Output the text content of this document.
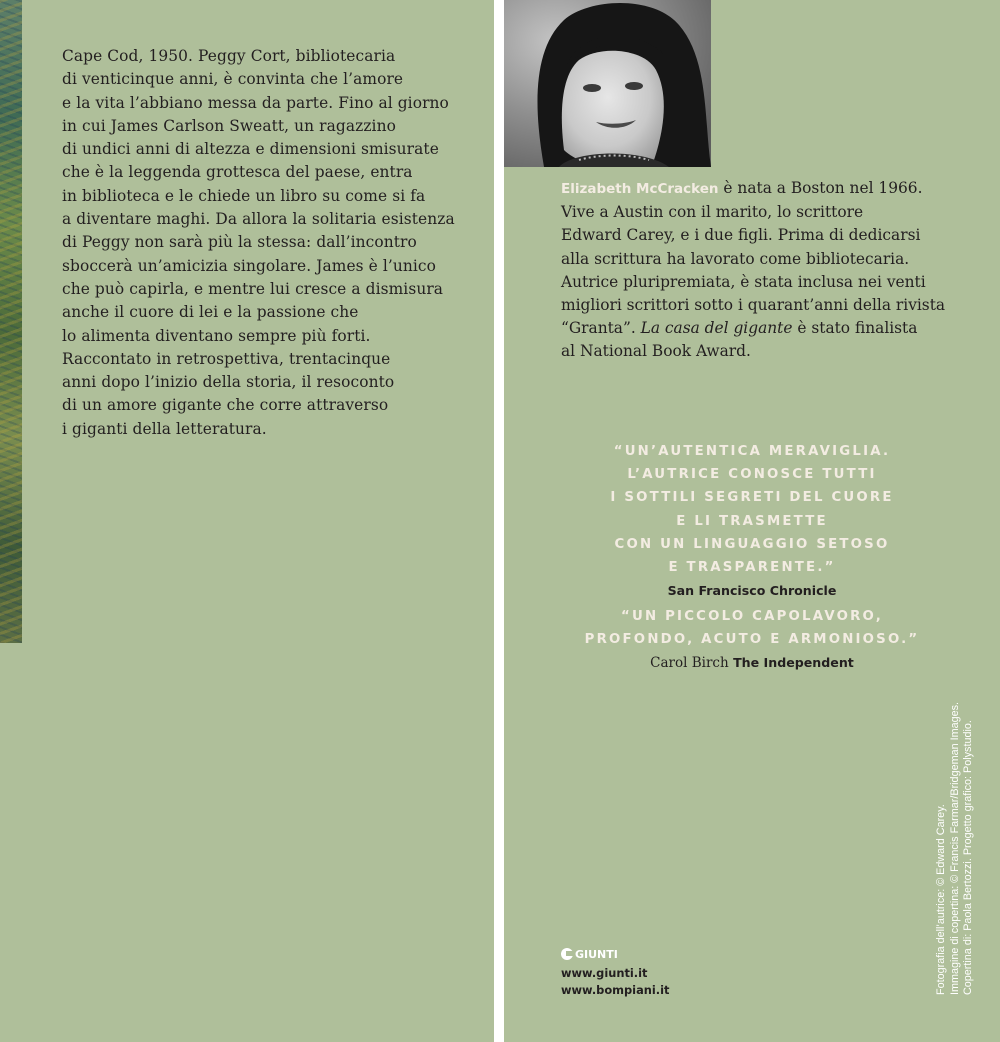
Cape Cod, 1950. Peggy Cort, bibliotecaria
di venticinque anni, è convinta che l’amore
e la vita l’abbiano messa da parte. Fino al giorno
in cui James Carlson Sweatt, un ragazzino
di undici anni di altezza e dimensioni smisurate
che è la leggenda grottesca del paese, entra
in biblioteca e le chiede un libro su come si fa
a diventare maghi. Da allora la solitaria esistenza
di Peggy non sarà più la stessa: dall’incontro
sboccerà un’amicizia singolare. James è l’unico
che può capirla, e mentre lui cresce a dismisura
anche il cuore di lei e la passione che
lo alimenta diventano sempre più forti.
Raccontato in retrospettiva, trentacinque
anni dopo l’inizio della storia, il resoconto
di un amore gigante che corre attraverso
i giganti della letteratura.

Elizabeth McCracken è nata a Boston nel 1966.
Vive a Austin con il marito, lo scrittore
Edward Carey, e i due figli. Prima di dedicarsi
alla scrittura ha lavorato come bibliotecaria.
Autrice pluripremiata, è stata inclusa nei venti
migliori scrittori sotto i quarant’anni della rivista
“Granta”. La casa del gigante è stato finalista
al National Book Award.
“UN’AUTENTICA MERAVIGLIA.
L’AUTRICE CONOSCE TUTTI
I SOTTILI SEGRETI DEL CUORE
E LI TRASMETTE
CON UN LINGUAGGIO SETOSO
E TRASPARENTE.”
San Francisco Chronicle
“UN PICCOLO CAPOLAVORO,
PROFONDO, ACUTO E ARMONIOSO.”
Carol Birch The Independent
GIUNTI
www.giunti.it
www.bompiani.it	Fotografia dell’autrice: © Edward Carey. Immagine di copertina: © Francis Farmar/Bridgeman Images. Copertina di: Paola Bertozzi. Progetto grafico: Polystudio.
